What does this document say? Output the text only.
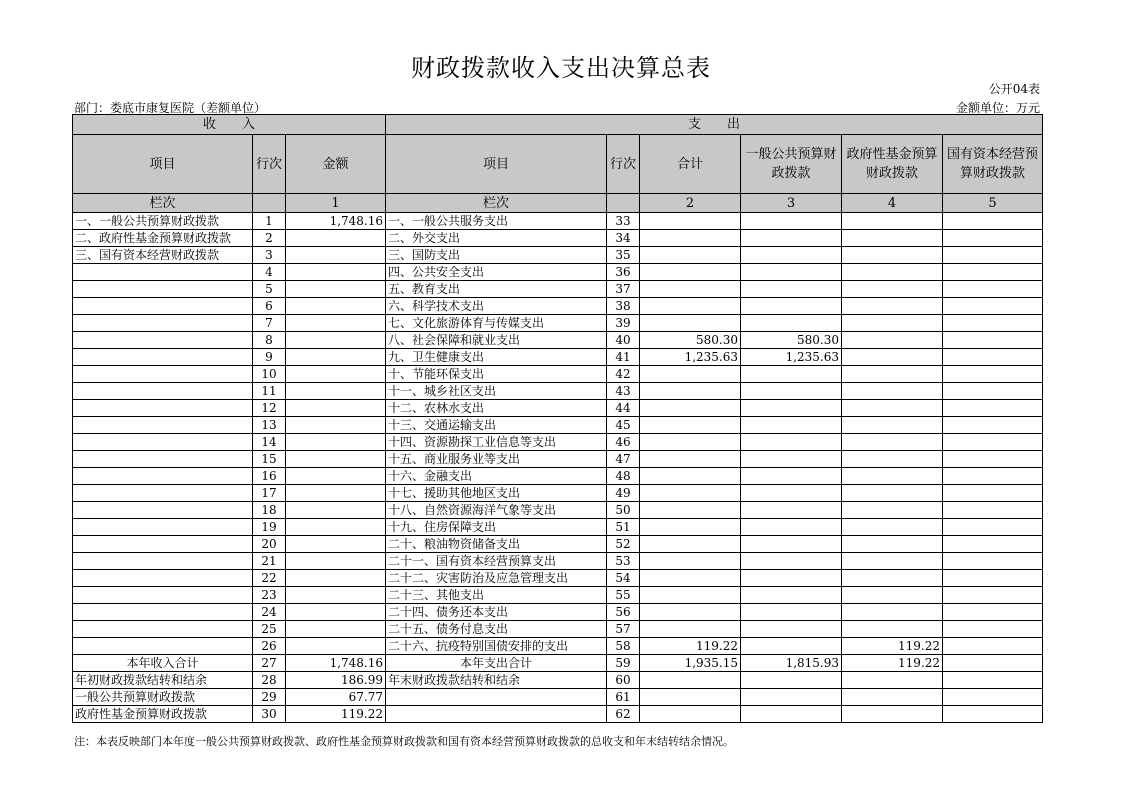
财政拨款收入支出决算总表
公开04表
部门：娄底市康复医院（差额单位）	金额单位：万元
收　　入			支　　出					
项目	行次	金额	项目	行次	合计	一般公共预算财政拨款	政府性基金预算财政拨款	国有资本经营预算财政拨款
栏次		1	栏次		2	3	4	5
一、一般公共预算财政拨款	1	1,748.16	一、一般公共服务支出	33				
二、政府性基金预算财政拨款	2		二、外交支出	34				
三、国有资本经营财政拨款	3		三、国防支出	35				
	4		四、公共安全支出	36				
	5		五、教育支出	37				
	6		六、科学技术支出	38				
	7		七、文化旅游体育与传媒支出	39				
	8		八、社会保障和就业支出	40	580.30	580.30		
	9		九、卫生健康支出	41	1,235.63	1,235.63		
	10		十、节能环保支出	42				
	11		十一、城乡社区支出	43				
	12		十二、农林水支出	44				
	13		十三、交通运输支出	45				
	14		十四、资源勘探工业信息等支出	46				
	15		十五、商业服务业等支出	47				
	16		十六、金融支出	48				
	17		十七、援助其他地区支出	49				
	18		十八、自然资源海洋气象等支出	50				
	19		十九、住房保障支出	51				
	20		二十、粮油物资储备支出	52				
	21		二十一、国有资本经营预算支出	53				
	22		二十二、灾害防治及应急管理支出	54				
	23		二十三、其他支出	55				
	24		二十四、债务还本支出	56				
	25		二十五、债务付息支出	57				
	26		二十六、抗疫特别国债安排的支出	58	119.22		119.22	
本年收入合计	27	1,748.16	本年支出合计	59	1,935.15	1,815.93	119.22	
年初财政拨款结转和结余	28	186.99	年末财政拨款结转和结余	60				
一般公共预算财政拨款	29	67.77		61				
政府性基金预算财政拨款	30	119.22		62				
注：本表反映部门本年度一般公共预算财政拨款、政府性基金预算财政拨款和国有资本经营预算财政拨款的总收支和年末结转结余情况。
